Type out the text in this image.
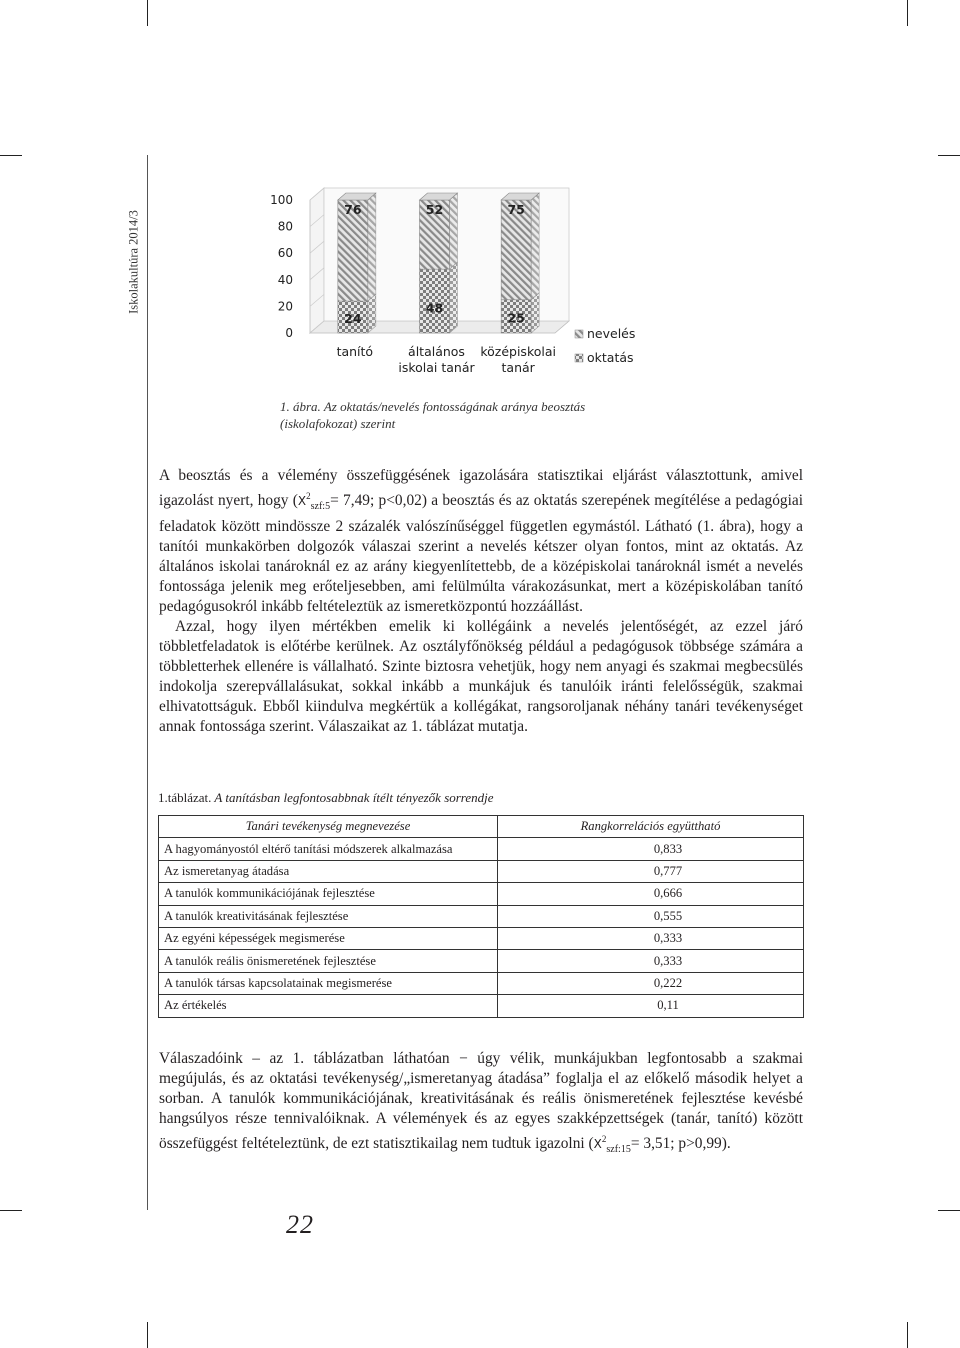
Iskolakultúra 2014/3
0
20
40
60
80
100
24
76
tanító
48
52
általános
iskolai tanár
25
75
középiskolai
tanár
nevelés
oktatás
1. ábra. Az oktatás/nevelés fontosságának aránya beosztás
(iskolafokozat) szerint

A beosztás és a vélemény összefüggésének igazolására statisztikai eljárást választottunk, amivel igazolást nyert, hogy ($X^2_{szf:5}= 7,49$; p<0,02) a beosztás és az oktatás szerepének megítélése a pedagógiai feladatok között mindössze 2 százalék valószínűséggel független egymástól. Látható (1. ábra), hogy a tanítói munkakörben dolgozók válaszai szerint a nevelés kétszer olyan fontos, mint az oktatás. Az általános iskolai tanároknál ez az arány kiegyenlítettebb, de a középiskolai tanároknál ismét a nevelés fontossága jelenik meg erőteljesebben, ami felülmúlta várakozásunkat, mert a középiskolában tanító pedagógusokról inkább feltételeztük az ismeretközpontú hozzáállást.

Azzal, hogy ilyen mértékben emelik ki kollégáink a nevelés jelentőségét, az ezzel járó többletfeladatok is előtérbe kerülnek. Az osztályfőnökség például a pedagógusok többsége számára a többletterhek ellenére is vállalható. Szinte biztosra vehetjük, hogy nem anyagi és szakmai megbecsülés indokolja szerepvállalásukat, sokkal inkább a munkájuk és tanulóik iránti felelősségük, szakmai elhivatottságuk. Ebből kiindulva megkértük a kollégákat, rangsoroljanak néhány tanári tevékenységet annak fontossága szerint. Válaszaikat az 1. táblázat mutatja.

1.táblázat. A tanításban legfontosabbnak ítélt tényezők sorrendje
Tanári tevékenység megnevezése	Rangkorrelációs együttható
A hagyományostól eltérő tanítási módszerek alkalmazása	0,833
Az ismeretanyag átadása	0,777
A tanulók kommunikációjának fejlesztése	0,666
A tanulók kreativitásának fejlesztése	0,555
Az egyéni képességek megismerése	0,333
A tanulók reális önismeretének fejlesztése	0,333
A tanulók társas kapcsolatainak megismerése	0,222
Az értékelés	0,11

Válaszadóink – az 1. táblázatban láthatóan − úgy vélik, munkájukban legfontosabb a szakmai megújulás, és az oktatási tevékenység/„ismeretanyag átadása” foglalja el az előkelő második helyet a sorban. A tanulók kommunikációjának, kreativitásának és reális önismeretének fejlesztése kevésbé hangsúlyos része tennivalóiknak. A vélemények és az egyes szakképzettségek (tanár, tanító) között összefüggést feltételeztünk, de ezt statisztikailag nem tudtuk igazolni ($X^2_{szf:15}= 3,51$; p>0,99).

22
